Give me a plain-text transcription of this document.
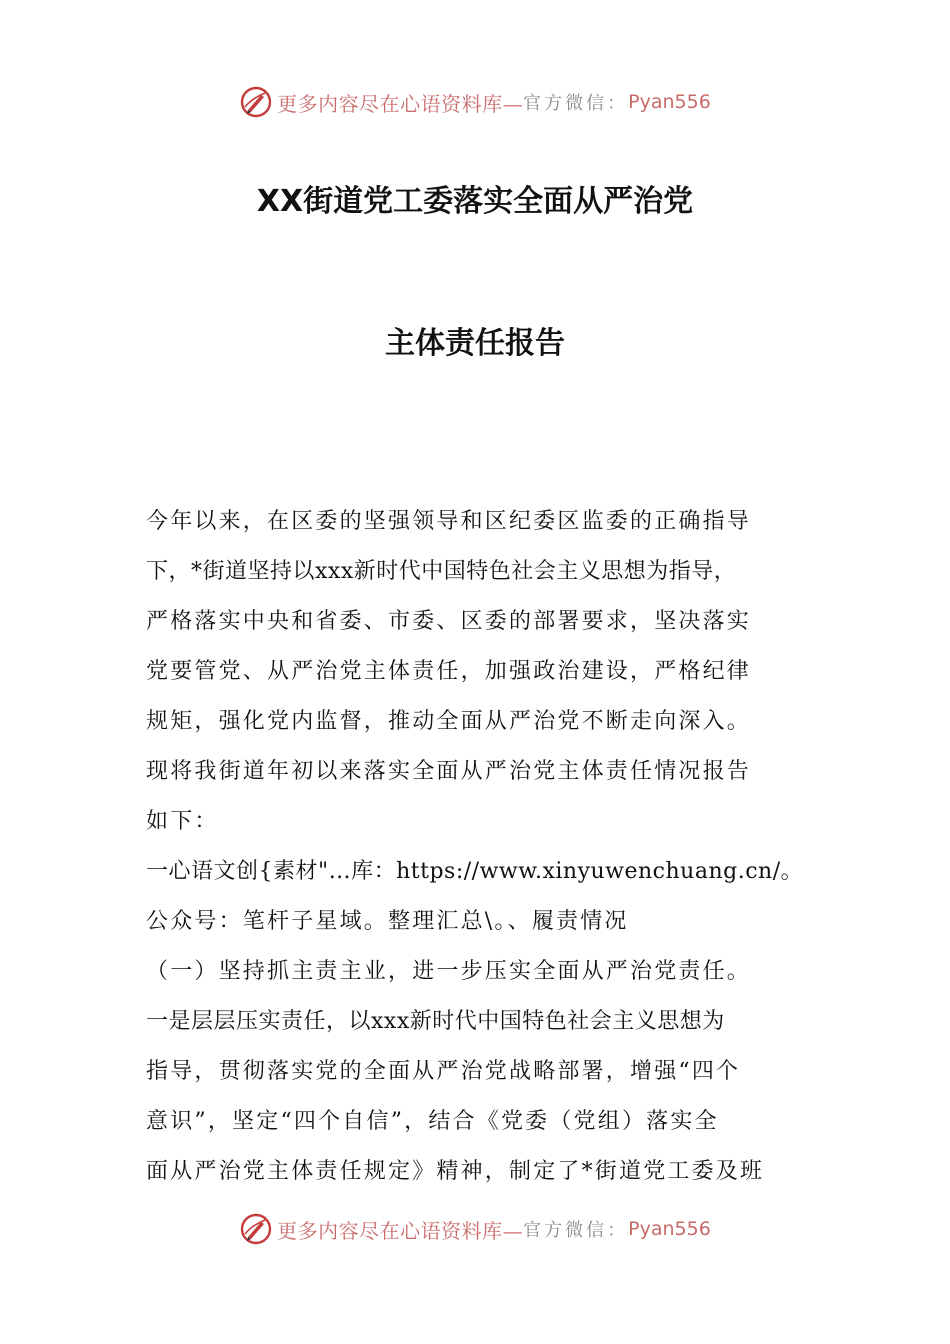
更多内容尽在心语资料库— 官方微信： Pyan556
XX街道党工委落实全面从严治党
主体责任报告
今年以来，在区委的坚强领导和区纪委区监委的正确指导
下，*街道坚持以xxx新时代中国特色社会主义思想为指导，
严格落实中央和省委、市委、区委的部署要求，坚决落实
党要管党、从严治党主体责任，加强政治建设，严格纪律
规矩，强化党内监督，推动全面从严治党不断走向深入。
现将我街道年初以来落实全面从严治党主体责任情况报告
如下：
一心语文创{素材"…库：https://www.xinyuwenchuang.cn/。
公众号：笔杆子星域。整理汇总\。、履责情况
（一）坚持抓主责主业，进一步压实全面从严治党责任。
一是层层压实责任，以xxx新时代中国特色社会主义思想为
指导，贯彻落实党的全面从严治党战略部署，增强“四个
意识”，坚定“四个自信”，结合《党委（党组）落实全
面从严治党主体责任规定》精神，制定了*街道党工委及班
更多内容尽在心语资料库— 官方微信： Pyan556
